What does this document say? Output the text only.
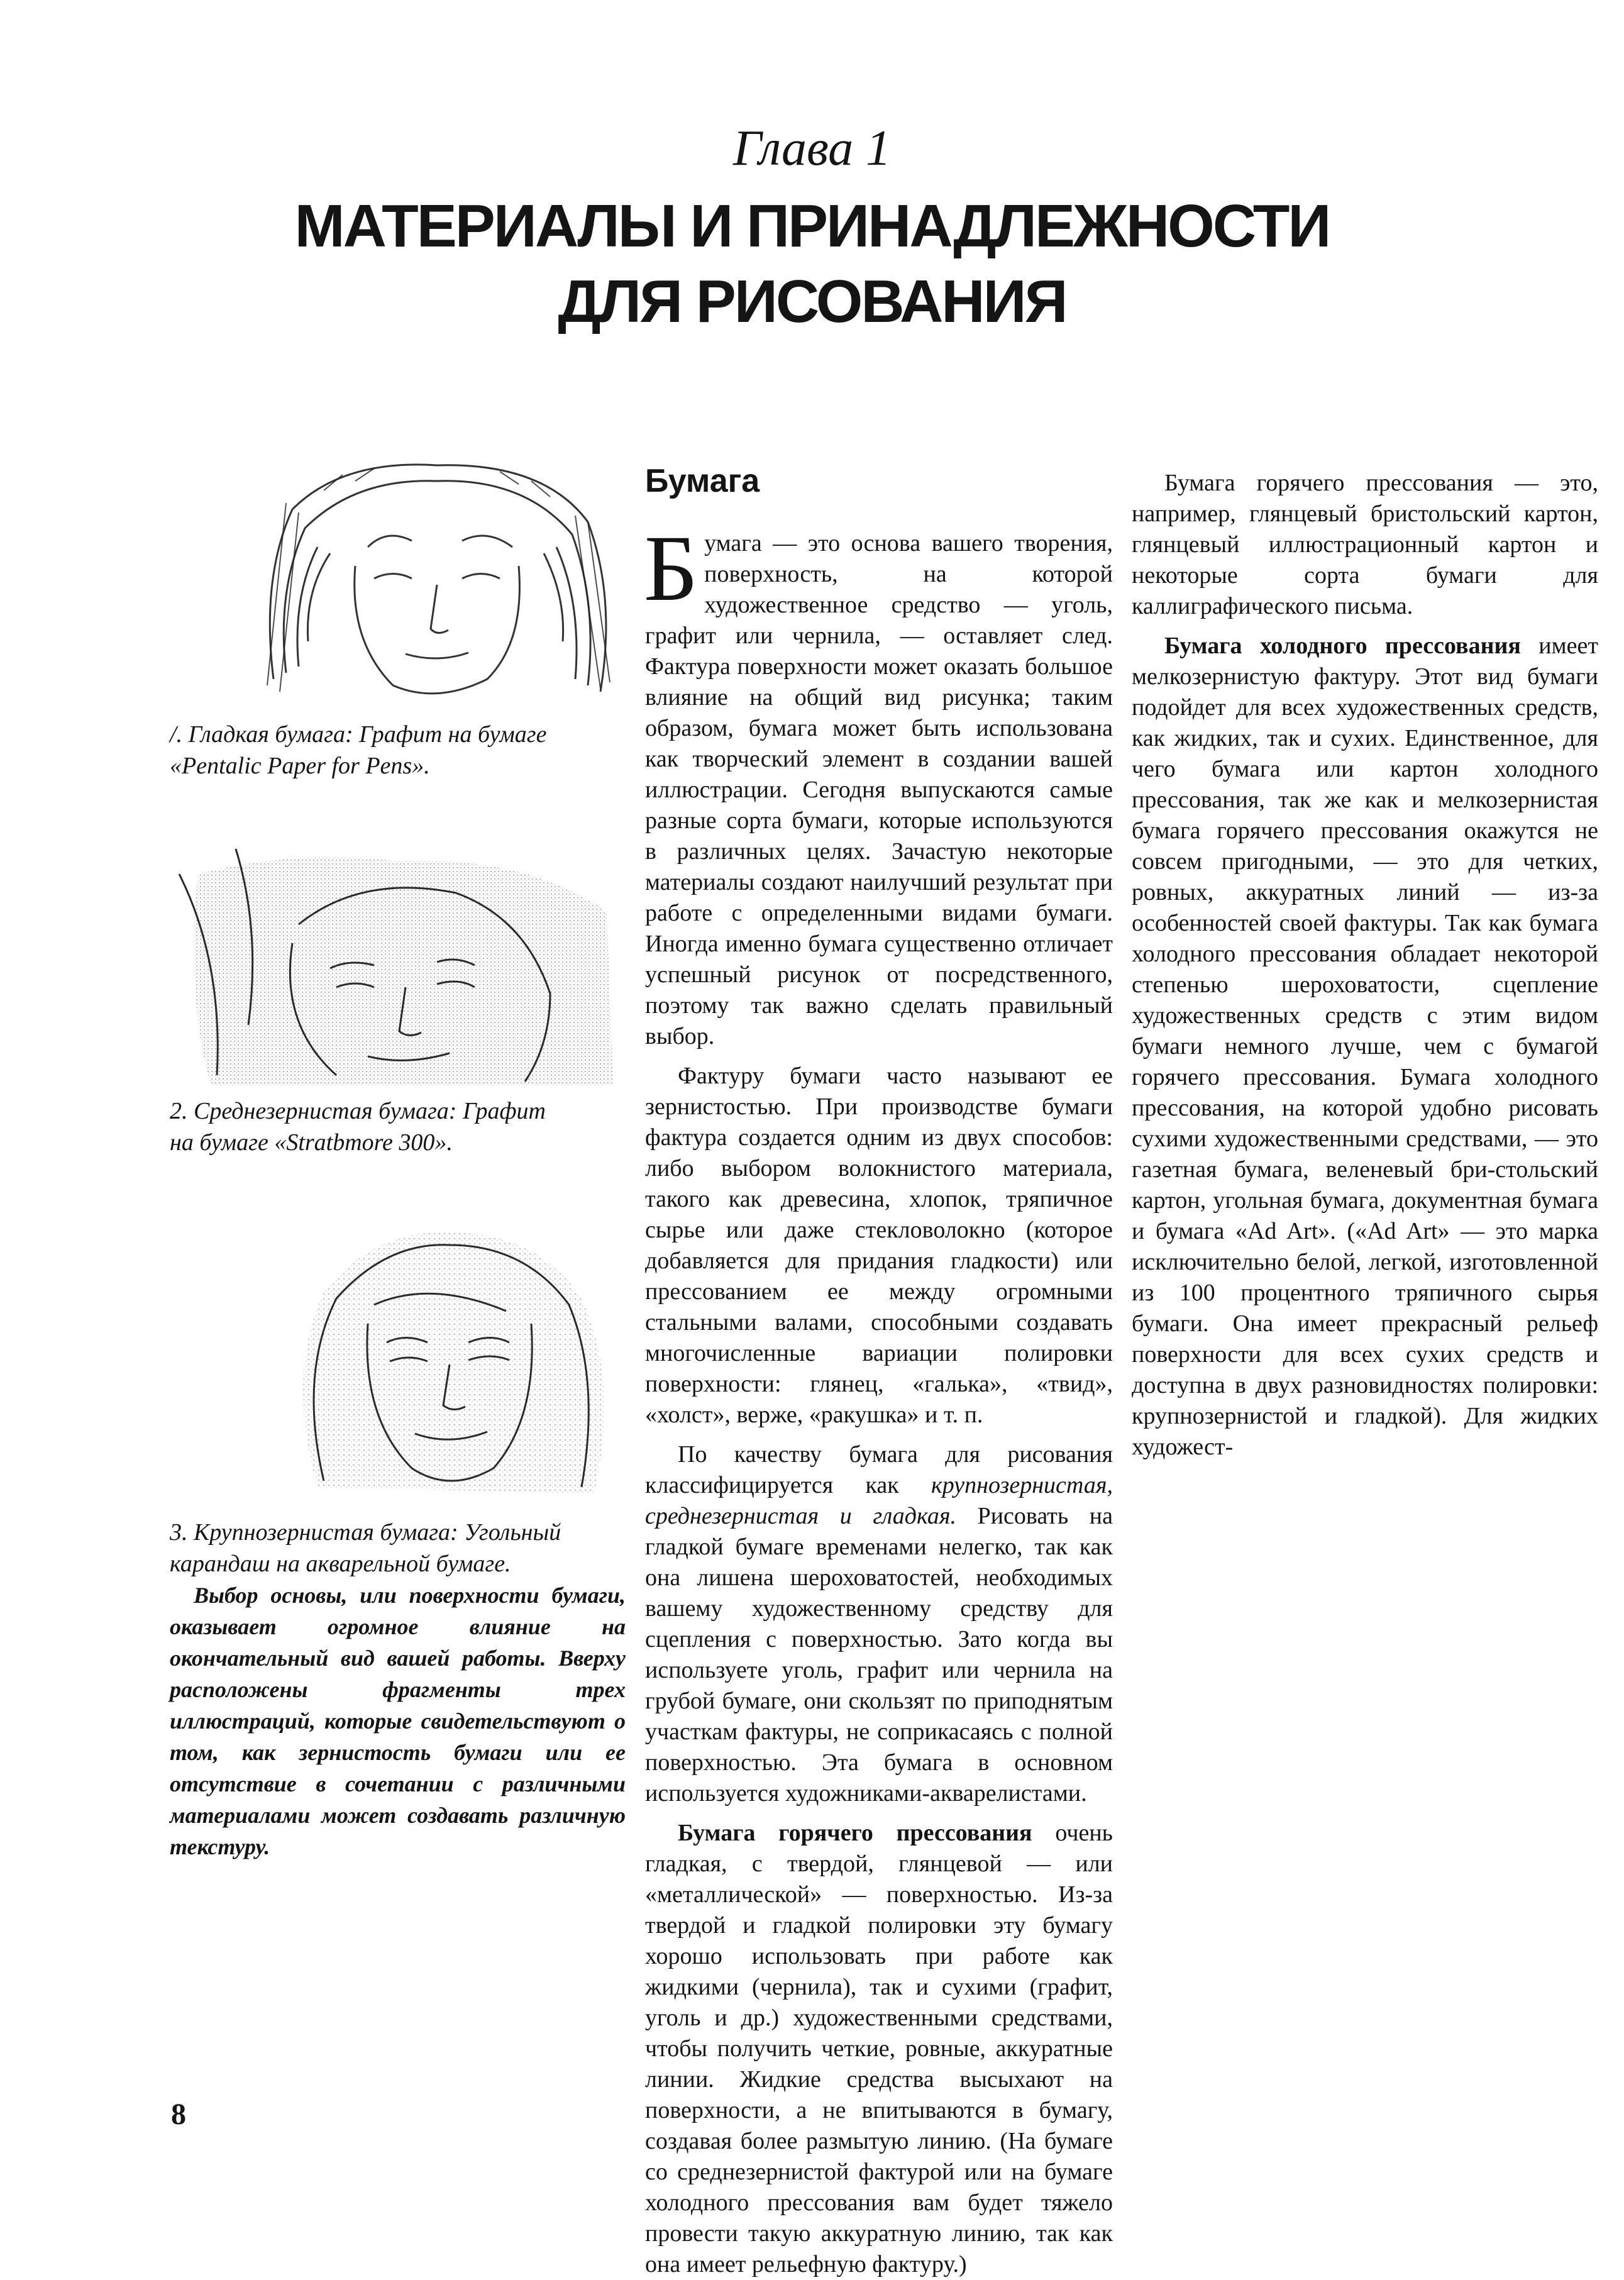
Глава 1
МАТЕРИАЛЫ И ПРИНАДЛЕЖНОСТИ
ДЛЯ РИСОВАНИЯ

/. Гладкая бумага: Графит на бумаге

«Pentalic Paper for Pens».

2. Среднезернистая бумага: Графит

на бумаге «Stratbmore 300».

3. Крупнозернистая бумага: Угольный

карандаш на акварельной бумаге.

Выбор основы, или поверхности бумаги, оказывает огромное влияние на окончательный вид вашей работы. Вверху расположены фрагменты трех иллюстраций, которые свидетельствуют о том, как зернистость бумаги или ее отсутствие в сочетании с различными материалами может создавать различную текстуру.

Бумага

Бумага — это основа вашего творения, поверхность, на которой художественное средство — уголь, графит или чернила, — оставляет след. Фактура поверхности может оказать большое влияние на общий вид рисунка; таким образом, бумага может быть использована как творческий элемент в создании вашей иллюстрации. Сегодня выпускаются самые разные сорта бумаги, которые используются в различных целях. Зачастую некоторые материалы создают наилучший результат при работе с определенными видами бумаги. Иногда именно бумага существенно отличает успешный рисунок от посредственного, поэтому так важно сделать правильный выбор.

Фактуру бумаги часто называют ее зернистостью. При производстве бумаги фактура создается одним из двух способов: либо выбором волокнистого материала, такого как древесина, хлопок, тряпичное сырье или даже стекловолокно (которое добавляется для придания гладкости) или прессованием ее между огромными стальными валами, способными создавать многочисленные вариации полировки поверхности: глянец, «галька», «твид», «холст», верже, «ракушка» и т. п.

По качеству бумага для рисования классифицируется как крупнозернистая, среднезернистая и гладкая. Рисовать на гладкой бумаге временами нелегко, так как она лишена шероховатостей, необходимых вашему художественному средству для сцепления с поверхностью. Зато когда вы используете уголь, графит или чернила на грубой бумаге, они скользят по приподнятым участкам фактуры, не соприкасаясь с полной поверхностью. Эта бумага в основном используется художниками-акварелистами.

Бумага горячего прессования очень гладкая, с твердой, глянцевой — или «металлической» — поверхностью. Из-за твердой и гладкой полировки эту бумагу хорошо использовать при работе как жидкими (чернила), так и сухими (графит, уголь и др.) художественными средствами, чтобы получить четкие, ровные, аккуратные линии. Жидкие средства высыхают на поверхности, а не впитываются в бумагу, создавая более размытую линию. (На бумаге со среднезернистой фактурой или на бумаге холодного прессования вам будет тяжело провести такую аккуратную линию, так как она имеет рельефную фактуру.)

Бумага горячего прессования — это, например, глянцевый бристольский картон, глянцевый иллюстрационный картон и некоторые сорта бумаги для каллиграфического письма.

Бумага холодного прессования имеет мелкозернистую фактуру. Этот вид бумаги подойдет для всех художественных средств, как жидких, так и сухих. Единственное, для чего бумага или картон холодного прессования, так же как и мелкозернистая бумага горячего прессования окажутся не совсем пригодными, — это для четких, ровных, аккуратных линий — из-за особенностей своей фактуры. Так как бумага холодного прессования обладает некоторой степенью шероховатости, сцепление художественных средств с этим видом бумаги немного лучше, чем с бумагой горячего прессования. Бумага холодного прессования, на которой удобно рисовать сухими художественными средствами, — это газетная бумага, веленевый бри-стольский картон, угольная бумага, документная бумага и бумага «Ad Art». («Ad Art» — это марка исключительно белой, легкой, изготовленной из 100 процентного тряпичного сырья бумаги. Она имеет прекрасный рельеф поверхности для всех сухих средств и доступна в двух разновидностях полировки: крупнозернистой и гладкой). Для жидких художест-

8
